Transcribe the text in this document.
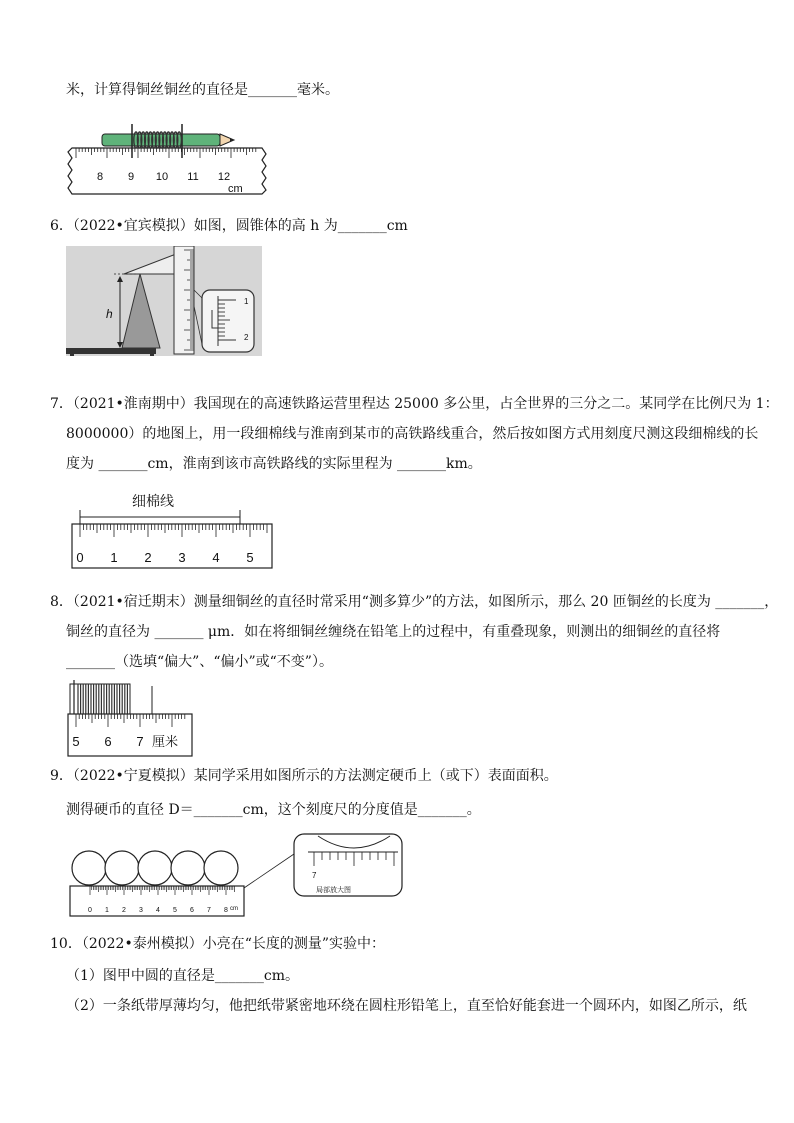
米，计算得铜丝铜丝的直径是_______毫米。
8 9 10 11 12
cm
6．（2022•宜宾模拟）如图，圆锥体的高 h 为_______cm
h
1
2
7．（2021•淮南期中）我国现在的高速铁路运营里程达 25000 多公里，占全世界的三分之二。某同学在比例尺为 1：
8000000）的地图上，用一段细棉线与淮南到某市的高铁路线重合，然后按如图方式用刻度尺测这段细棉线的长
度为 _______cm，淮南到该市高铁路线的实际里程为 _______km。
细棉线
0 1 2 3 4 5
8．（2021•宿迁期末）测量细铜丝的直径时常采用“测多算少”的方法，如图所示，那么 20 匝铜丝的长度为 _______，
铜丝的直径为 _______ μm．如在将细铜丝缠绕在铅笔上的过程中，有重叠现象，则测出的细铜丝的直径将
_______（选填“偏大”、“偏小”或“不变”）。
5 6 7 厘米
9．（2022•宁夏模拟）某同学采用如图所示的方法测定硬币上（或下）表面面积。
测得硬币的直径 D＝_______cm，这个刻度尺的分度值是_______。
0 1 2 3 4 5 6 7 8 cm
7
局部放大图
10．（2022•泰州模拟）小亮在“长度的测量”实验中：
（1）图甲中圆的直径是_______cm。
（2）一条纸带厚薄均匀，他把纸带紧密地环绕在圆柱形铅笔上，直至恰好能套进一个圆环内，如图乙所示，纸
